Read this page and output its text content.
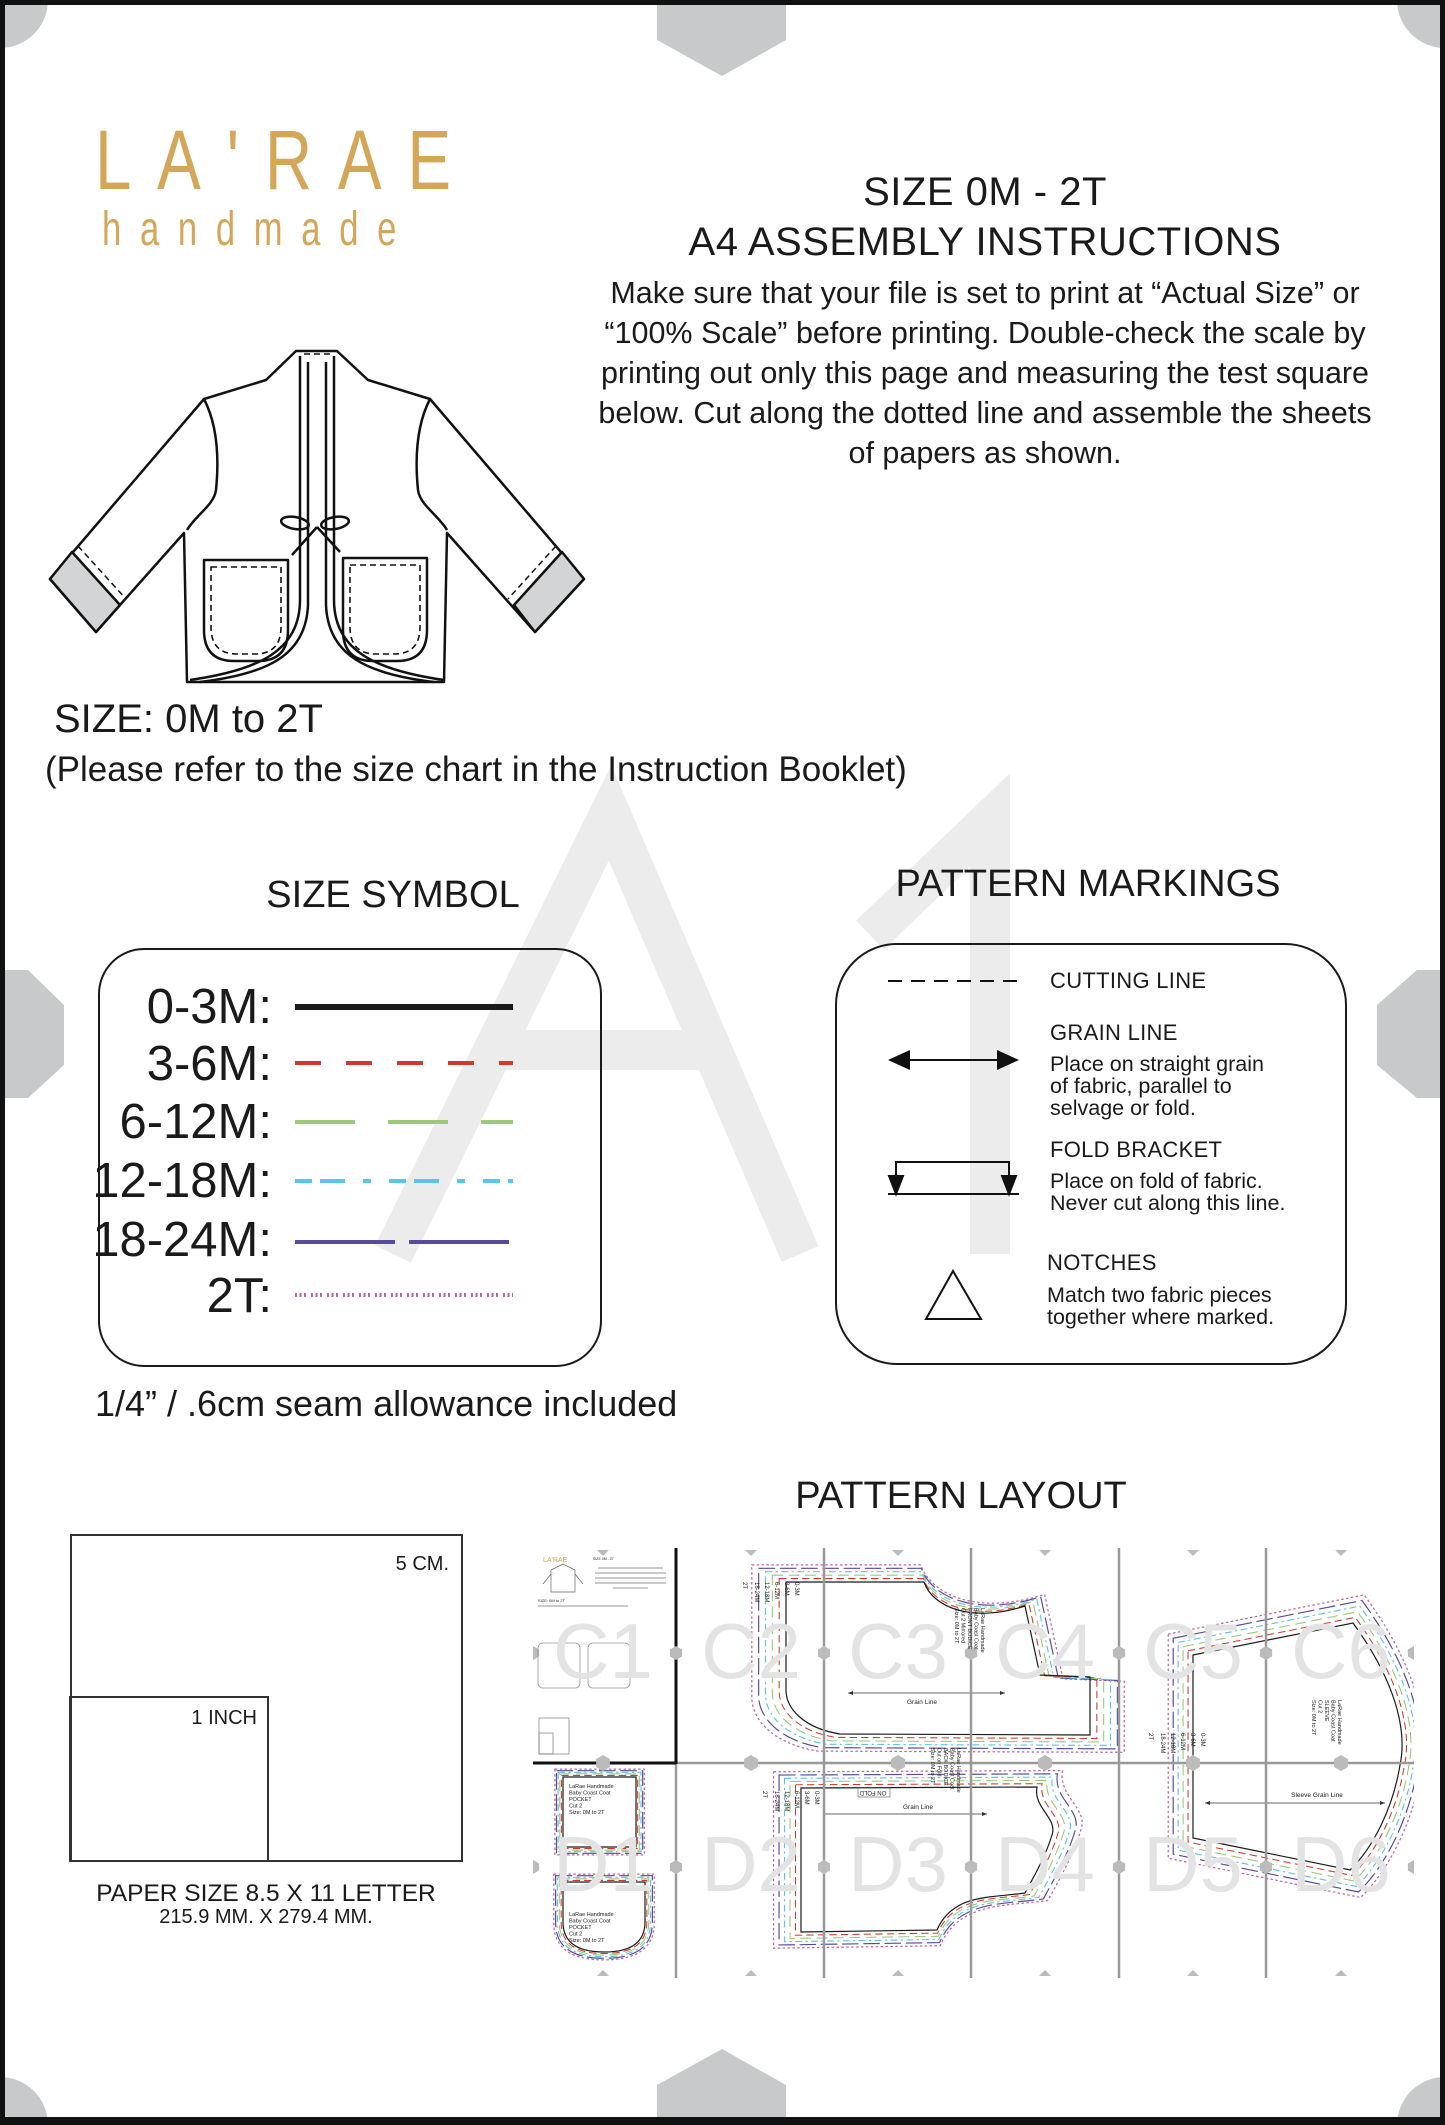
LA'RAE
handmade
SIZE 0M - 2T
A4 ASSEMBLY INSTRUCTIONS
Make sure that your file is set to print at “Actual Size” or
“100% Scale” before printing. Double-check the scale by
printing out only this page and measuring the test square
below. Cut along the dotted line and assemble the sheets
of papers as shown.
SIZE: 0M to 2T
(Please refer to the size chart in the Instruction Booklet)
SIZE SYMBOL
0-3M:
3-6M:
6-12M:
12-18M:
18-24M:
2T:
PATTERN MARKINGS
CUTTING LINE
GRAIN LINE
Place on straight grain
of fabric, parallel to
selvage or fold.
FOLD BRACKET
Place on fold of fabric.
Never cut along this line.
NOTCHES
Match two fabric pieces
together where marked.
1/4” / .6cm seam allowance included
5 CM.
1 INCH
PAPER SIZE 8.5 X 11 LETTER
215.9 MM. X 279.4 MM.
PATTERN LAYOUT
LA'RAE	SIZE 0M - 2T
SIZE: 0M to 2T
Grain Line
Grain Line
Sleeve Grain Line
ON FOLD
LaRae Handmade
Baby Coast Coat
FRONT BODICE
Cut 2 Mirrored
Size: 0M to 2T
LaRae Handmade
Baby Coast Coat
BACK BODICE
Cut on Fold
Size: 0M to 2T
LaRae Handmade
Baby Coast Coat
SLEEVE
Cut 2
Size: 0M to 2T
LaRae Handmade
Baby Coast Coat
POCKET
Cut 2
Size: 0M to 2T
LaRae Handmade
Baby Coast Coat
POCKET
Cut 2
Size: 0M to 2T
0-3M
0-3M
0-3M
3-6M
3-6M
3-6M
6-12M
6-12M
6-12M
12-18M
12-18M
12-18M
18-24M
18-24M
18-24M
2T
2T
2T
C1 C2 C3 C4 C5 C6
D1 D2 D3 D4 D5 D6
